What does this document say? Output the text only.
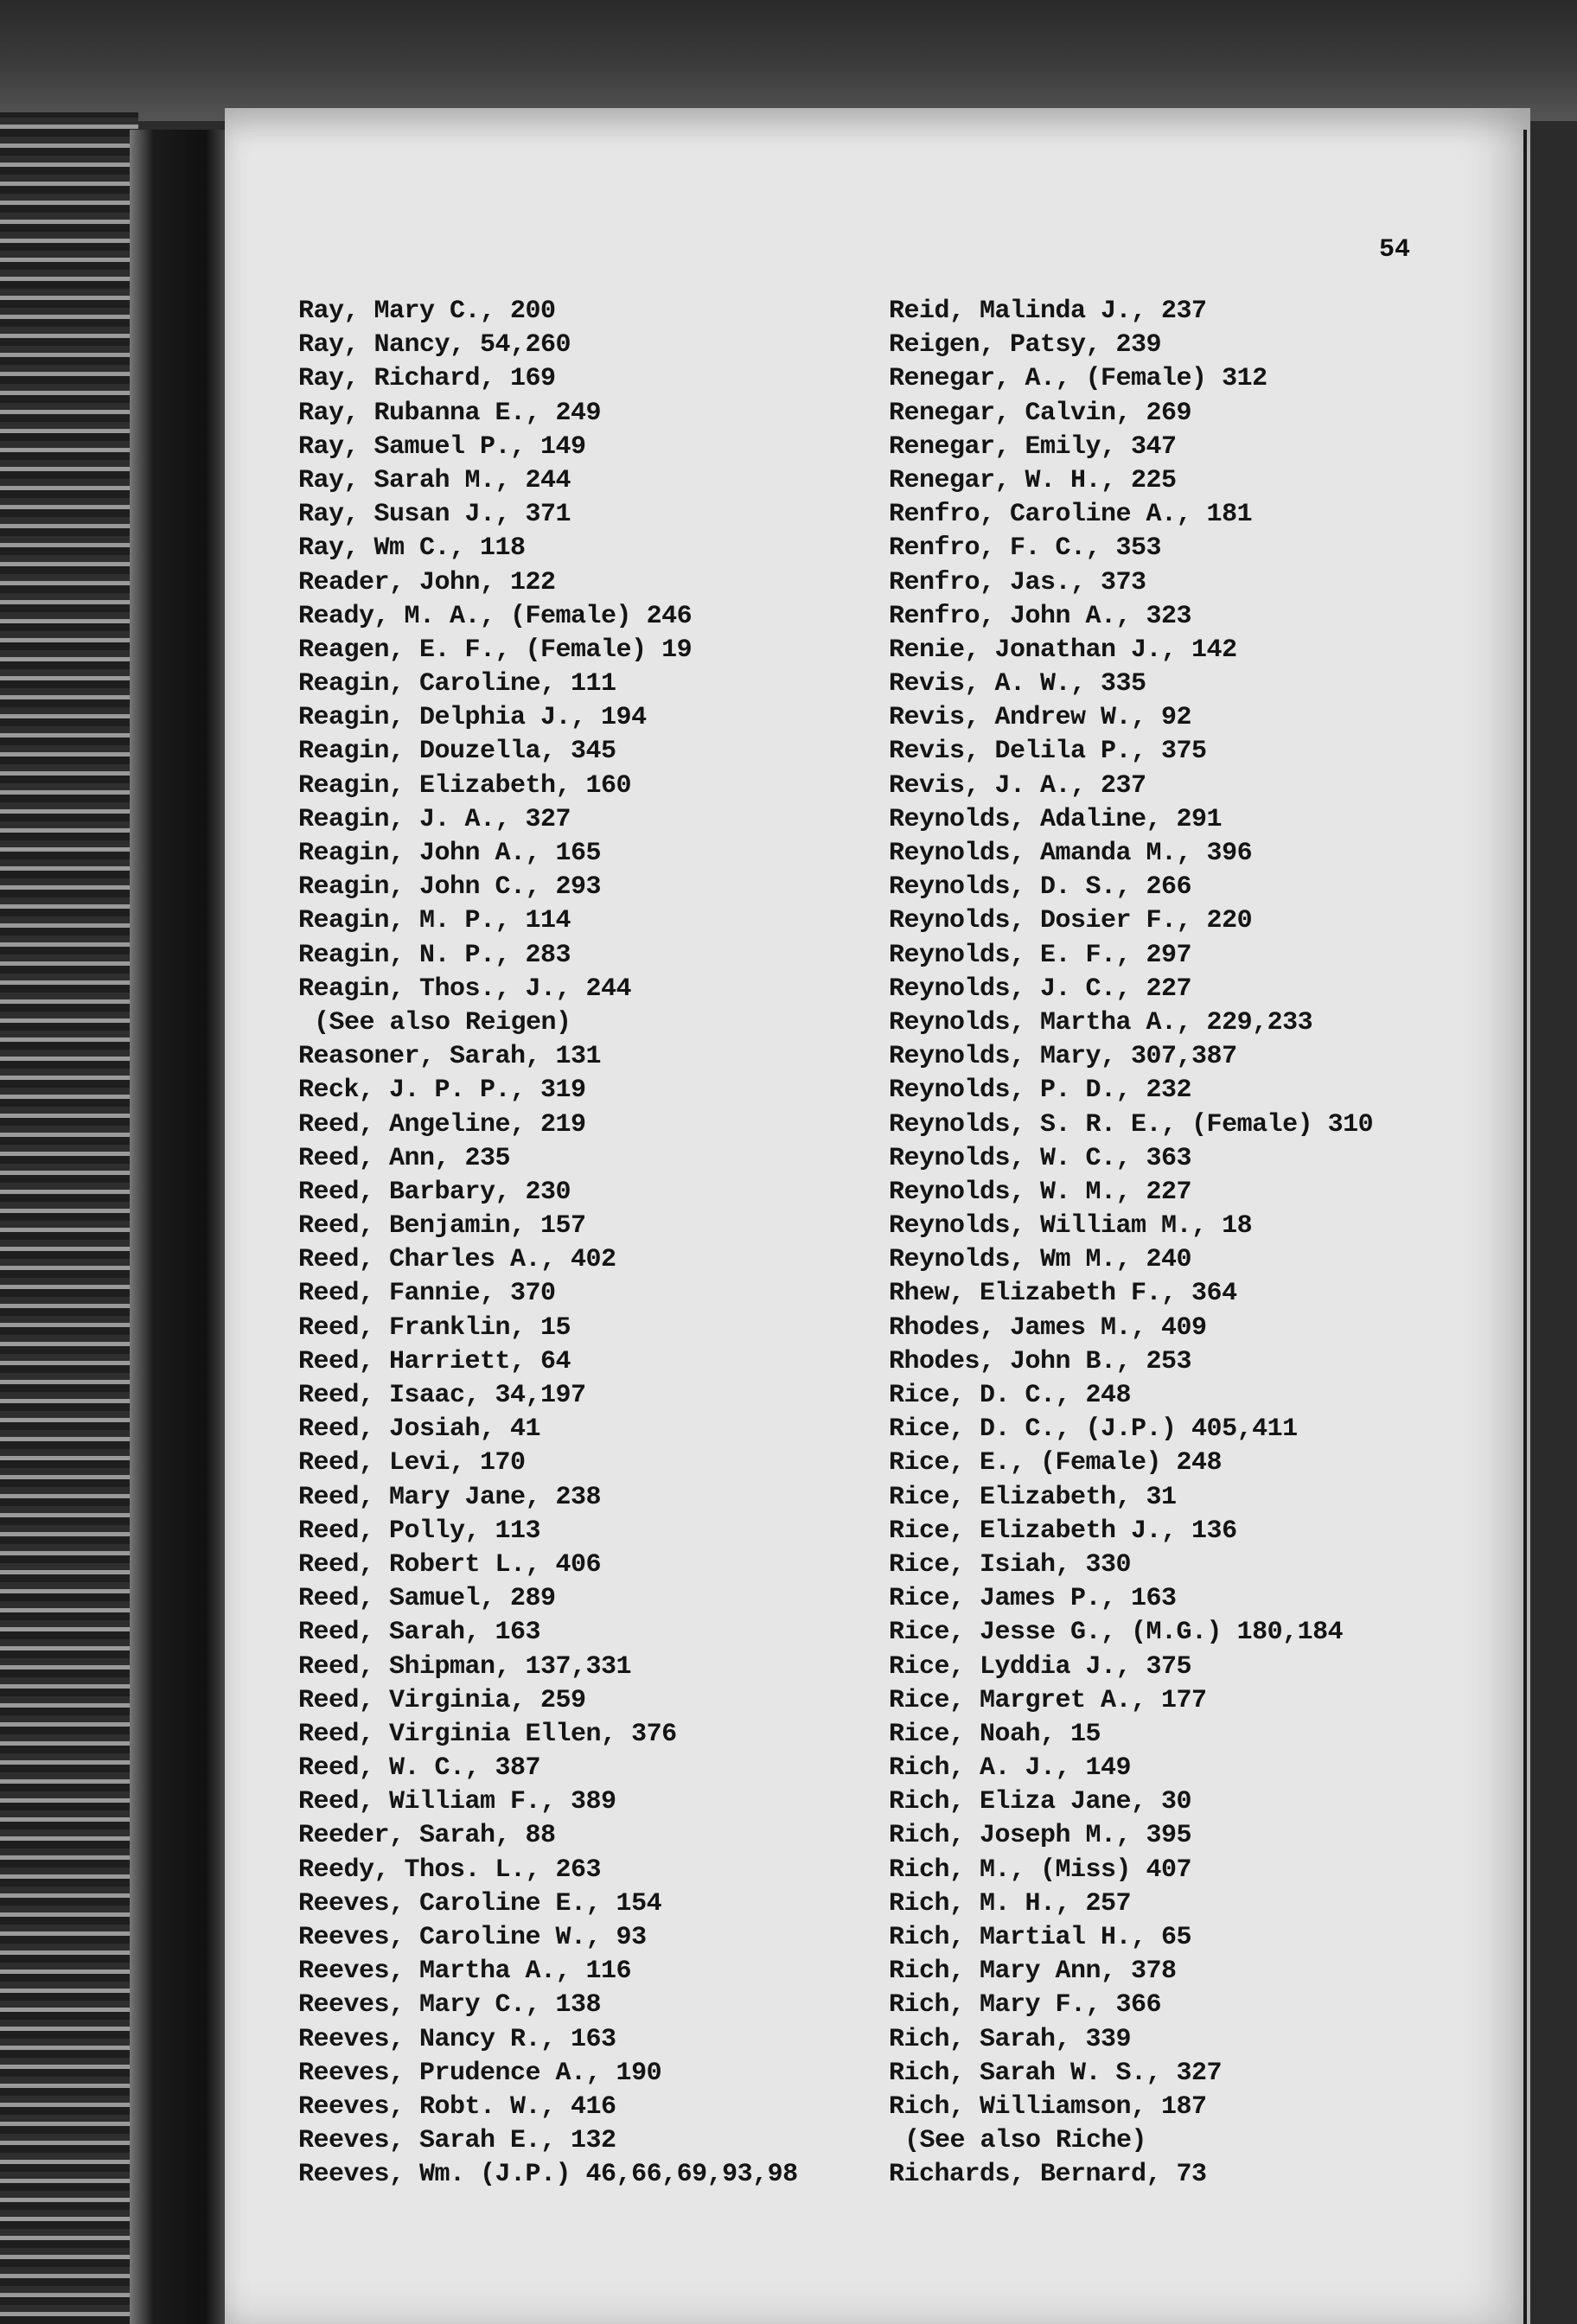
54
Ray, Mary C., 200
Ray, Nancy, 54,260
Ray, Richard, 169
Ray, Rubanna E., 249
Ray, Samuel P., 149
Ray, Sarah M., 244
Ray, Susan J., 371
Ray, Wm C., 118
Reader, John, 122
Ready, M. A., (Female) 246
Reagen, E. F., (Female) 19
Reagin, Caroline, 111
Reagin, Delphia J., 194
Reagin, Douzella, 345
Reagin, Elizabeth, 160
Reagin, J. A., 327
Reagin, John A., 165
Reagin, John C., 293
Reagin, M. P., 114
Reagin, N. P., 283
Reagin, Thos., J., 244
(See also Reigen)
Reasoner, Sarah, 131
Reck, J. P. P., 319
Reed, Angeline, 219
Reed, Ann, 235
Reed, Barbary, 230
Reed, Benjamin, 157
Reed, Charles A., 402
Reed, Fannie, 370
Reed, Franklin, 15
Reed, Harriett, 64
Reed, Isaac, 34,197
Reed, Josiah, 41
Reed, Levi, 170
Reed, Mary Jane, 238
Reed, Polly, 113
Reed, Robert L., 406
Reed, Samuel, 289
Reed, Sarah, 163
Reed, Shipman, 137,331
Reed, Virginia, 259
Reed, Virginia Ellen, 376
Reed, W. C., 387
Reed, William F., 389
Reeder, Sarah, 88
Reedy, Thos. L., 263
Reeves, Caroline E., 154
Reeves, Caroline W., 93
Reeves, Martha A., 116
Reeves, Mary C., 138
Reeves, Nancy R., 163
Reeves, Prudence A., 190
Reeves, Robt. W., 416
Reeves, Sarah E., 132
Reeves, Wm. (J.P.) 46,66,69,93,98
Reid, Malinda J., 237
Reigen, Patsy, 239
Renegar, A., (Female) 312
Renegar, Calvin, 269
Renegar, Emily, 347
Renegar, W. H., 225
Renfro, Caroline A., 181
Renfro, F. C., 353
Renfro, Jas., 373
Renfro, John A., 323
Renie, Jonathan J., 142
Revis, A. W., 335
Revis, Andrew W., 92
Revis, Delila P., 375
Revis, J. A., 237
Reynolds, Adaline, 291
Reynolds, Amanda M., 396
Reynolds, D. S., 266
Reynolds, Dosier F., 220
Reynolds, E. F., 297
Reynolds, J. C., 227
Reynolds, Martha A., 229,233
Reynolds, Mary, 307,387
Reynolds, P. D., 232
Reynolds, S. R. E., (Female) 310
Reynolds, W. C., 363
Reynolds, W. M., 227
Reynolds, William M., 18
Reynolds, Wm M., 240
Rhew, Elizabeth F., 364
Rhodes, James M., 409
Rhodes, John B., 253
Rice, D. C., 248
Rice, D. C., (J.P.) 405,411
Rice, E., (Female) 248
Rice, Elizabeth, 31
Rice, Elizabeth J., 136
Rice, Isiah, 330
Rice, James P., 163
Rice, Jesse G., (M.G.) 180,184
Rice, Lyddia J., 375
Rice, Margret A., 177
Rice, Noah, 15
Rich, A. J., 149
Rich, Eliza Jane, 30
Rich, Joseph M., 395
Rich, M., (Miss) 407
Rich, M. H., 257
Rich, Martial H., 65
Rich, Mary Ann, 378
Rich, Mary F., 366
Rich, Sarah, 339
Rich, Sarah W. S., 327
Rich, Williamson, 187
(See also Riche)
Richards, Bernard, 73
